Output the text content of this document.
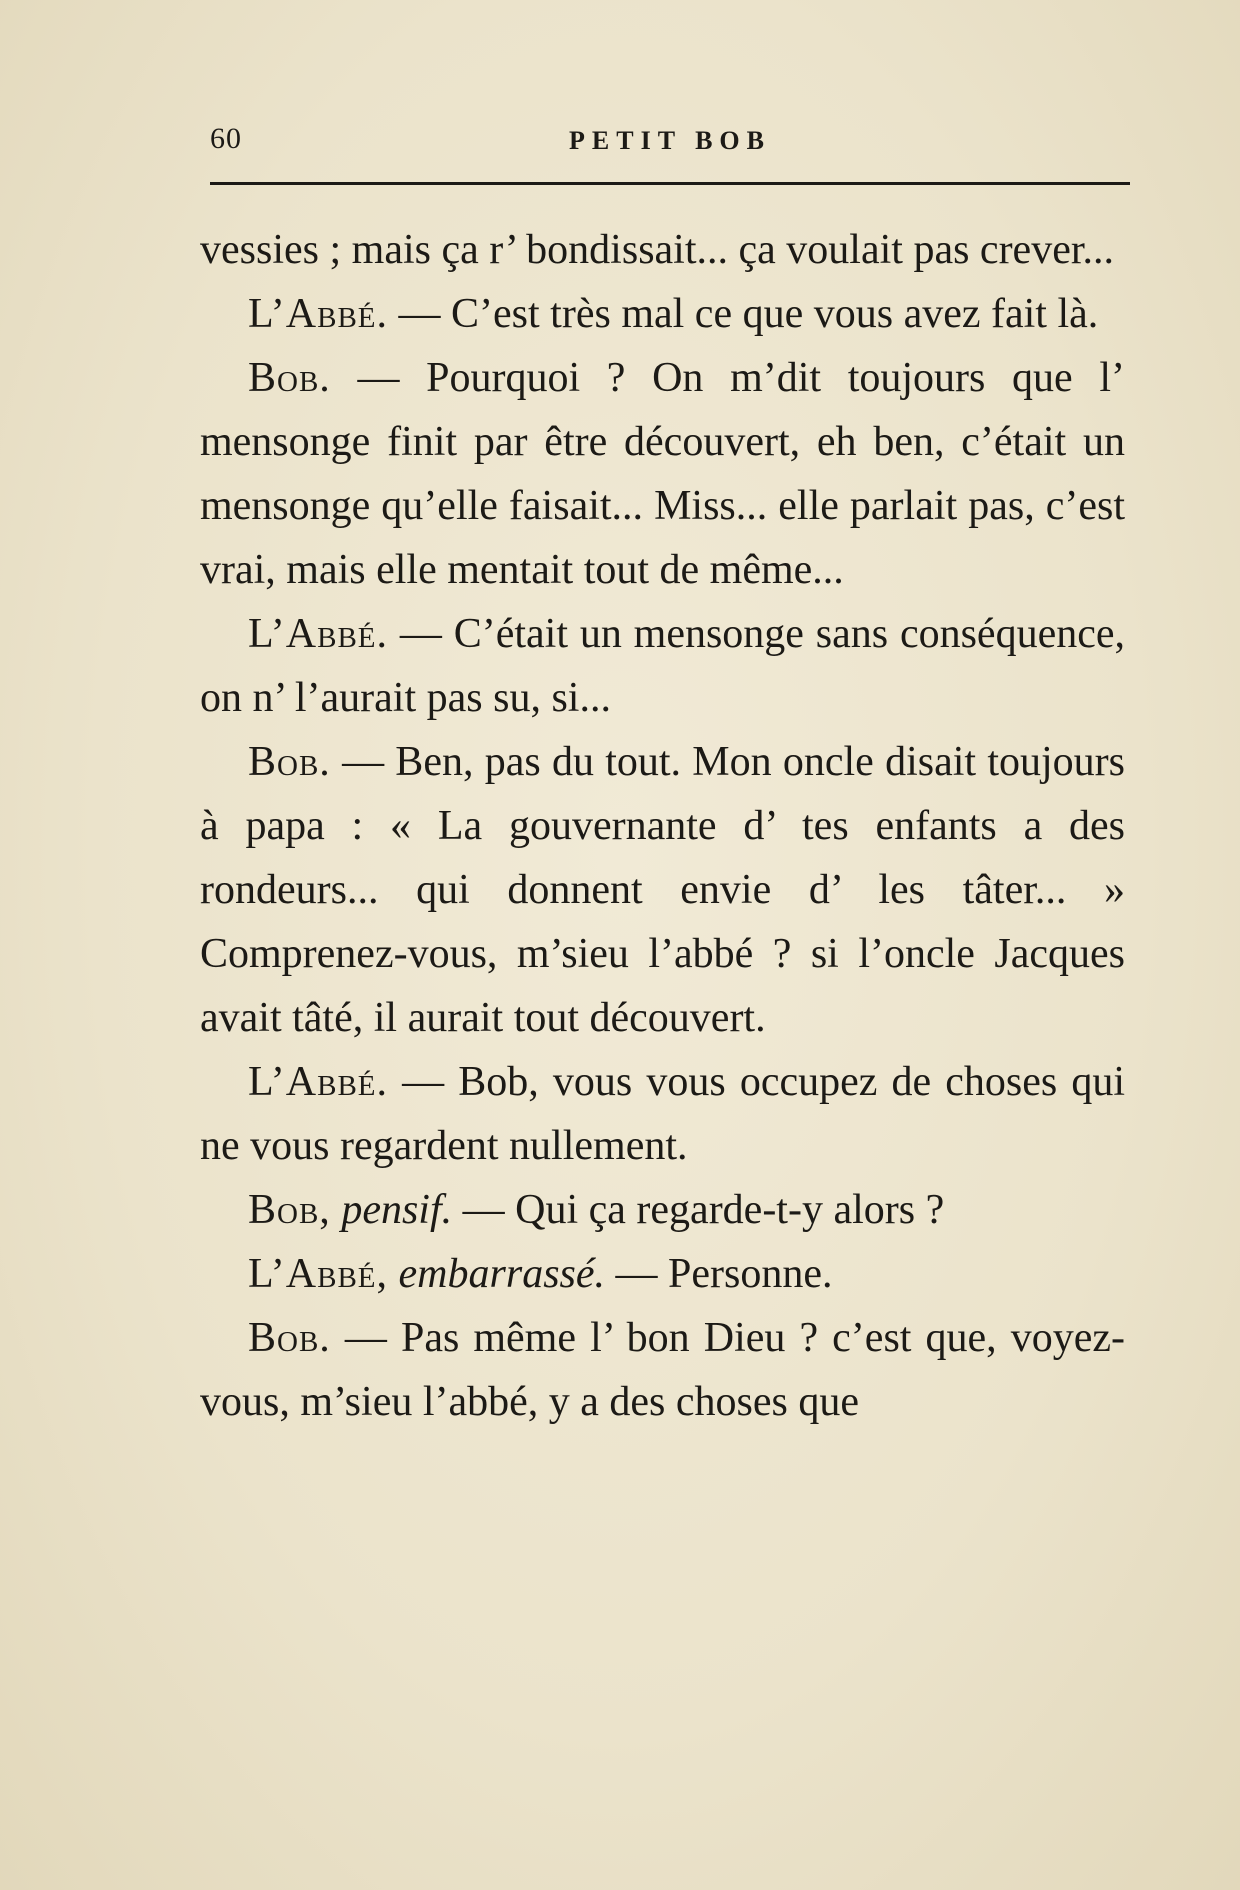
60	PETIT BOB

vessies ; mais ça r’ bondissait... ça voulait pas crever...

L’Abbé. — C’est très mal ce que vous avez fait là.

Bob. — Pourquoi ? On m’dit toujours que l’ mensonge finit par être découvert, eh ben, c’était un mensonge qu’elle faisait... Miss... elle parlait pas, c’est vrai, mais elle mentait tout de même...

L’Abbé. — C’était un mensonge sans conséquence, on n’ l’aurait pas su, si...

Bob. — Ben, pas du tout. Mon oncle disait toujours à papa : « La gouvernante d’ tes enfants a des rondeurs... qui donnent envie d’ les tâter... » Comprenez-vous, m’sieu l’abbé ? si l’oncle Jacques avait tâté, il aurait tout découvert.

L’Abbé. — Bob, vous vous occupez de choses qui ne vous regardent nullement.

Bob, pensif. — Qui ça regarde-t-y alors ?

L’Abbé, embarrassé. — Personne.

Bob. — Pas même l’ bon Dieu ? c’est que, voyez-vous, m’sieu l’abbé, y a des choses que
